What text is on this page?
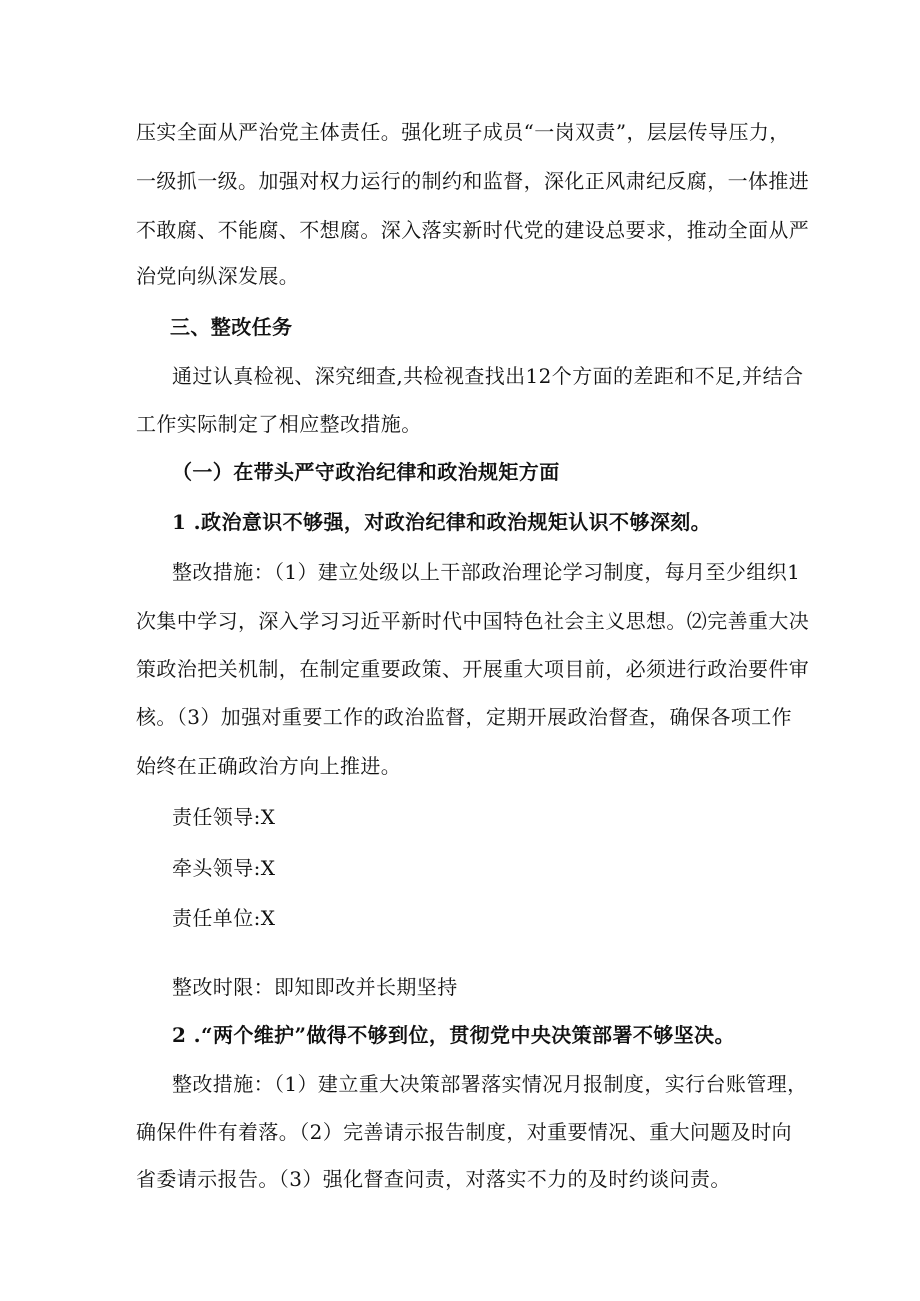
压实全面从严治党主体责任。强化班子成员“一岗双责”，层层传导压力，
一级抓一级。加强对权力运行的制约和监督，深化正风肃纪反腐，一体推进
不敢腐、不能腐、不想腐。深入落实新时代党的建设总要求，推动全面从严
治党向纵深发展。
三、整改任务
通过认真检视、深究细查,共检视查找出12个方面的差距和不足,并结合
工作实际制定了相应整改措施。
（一）在带头严守政治纪律和政治规矩方面
1 .政治意识不够强，对政治纪律和政治规矩认识不够深刻。
整改措施：（1）建立处级以上干部政治理论学习制度，每月至少组织1
次集中学习，深入学习习近平新时代中国特色社会主义思想。⑵完善重大决
策政治把关机制，在制定重要政策、开展重大项目前，必须进行政治要件审
核。（3）加强对重要工作的政治监督，定期开展政治督查，确保各项工作
始终在正确政治方向上推进。
责任领导:X
牵头领导:X
责任单位:X
整改时限：即知即改并长期坚持
2 .“两个维护”做得不够到位，贯彻党中央决策部署不够坚决。
整改措施：（1）建立重大决策部署落实情况月报制度，实行台账管理，
确保件件有着落。（2）完善请示报告制度，对重要情况、重大问题及时向
省委请示报告。（3）强化督查问责，对落实不力的及时约谈问责。
